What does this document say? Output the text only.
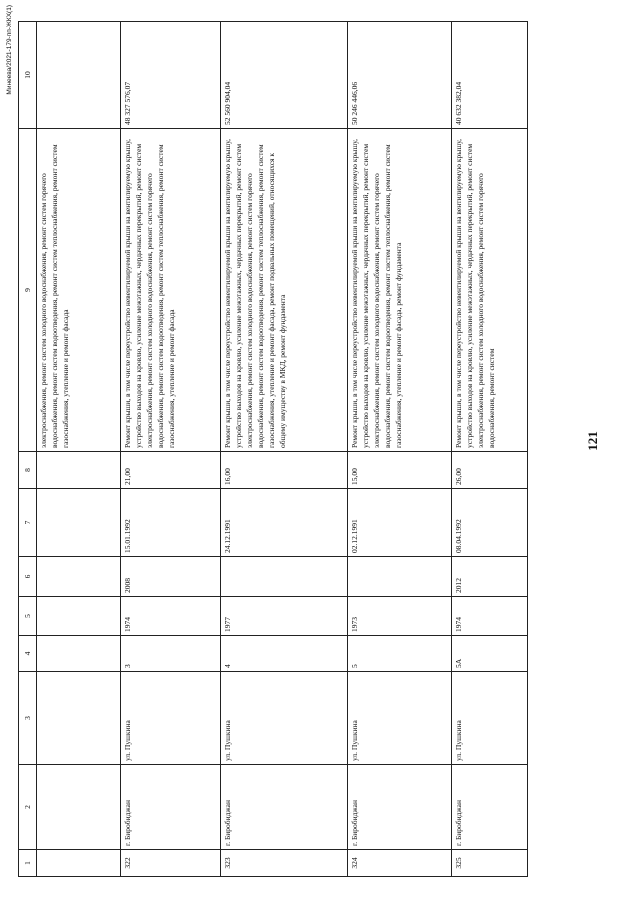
121
Минеева/2021-179-пп-ЖКХ(1)
1	2	3	4	5	6	7	8	9	10
								электроснабжения, ремонт систем холодного водоснабжения, ремонт систем горячего водоснабжения, ремонт систем водоотведения, ремонт систем теплоснабжения, ремонт систем газоснабжения, утепление и ремонт фасада	
322	г. Биробиджан	ул. Пушкина	3	1974	2008	15.01.1992	21,00	Ремонт крыши, в том числе переустройство невентилируемой крыши на вентилируемую крышу, устройство выходов на кровлю, усиление межэтажных, чердачных перекрытий, ремонт систем электроснабжения, ремонт систем холодного водоснабжения, ремонт систем горячего водоснабжения, ремонт систем водоотведения, ремонт систем теплоснабжения, ремонт систем газоснабжения, утепление и ремонт фасада	48 327 576,07
323	г. Биробиджан	ул. Пушкина	4	1977		24.12.1991	16,00	Ремонт крыши, в том числе переустройство невентилируемой крыши на вентилируемую крышу, устройство выходов на кровлю, усиление межэтажных, чердачных перекрытий, ремонт систем электроснабжения, ремонт систем холодного водоснабжения, ремонт систем горячего водоснабжения, ремонт систем водоотведения, ремонт систем теплоснабжения, ремонт систем газоснабжения, утепление и ремонт фасада, ремонт подвальных помещений, относящихся к общему имуществу в МКД, ремонт фундамента	52 560 904,04
324	г. Биробиджан	ул. Пушкина	5	1973		02.12.1991	15,00	Ремонт крыши, в том числе переустройство невентилируемой крыши на вентилируемую крышу, устройство выходов на кровлю, усиление межэтажных, чердачных перекрытий, ремонт систем электроснабжения, ремонт систем холодного водоснабжения, ремонт систем горячего водоснабжения, ремонт систем водоотведения, ремонт систем теплоснабжения, ремонт систем газоснабжения, утепление и ремонт фасада, ремонт фундамента	50 246 446,06
325	г. Биробиджан	ул. Пушкина	5А	1974	2012	08.04.1992	26,00	Ремонт крыши, в том числе переустройство невентилируемой крыши на вентилируемую крышу, устройство выходов на кровлю, усиление межэтажных, чердачных перекрытий, ремонт систем электроснабжения, ремонт систем холодного водоснабжения, ремонт систем горячего водоснабжения, ремонт систем	40 632 382,04
